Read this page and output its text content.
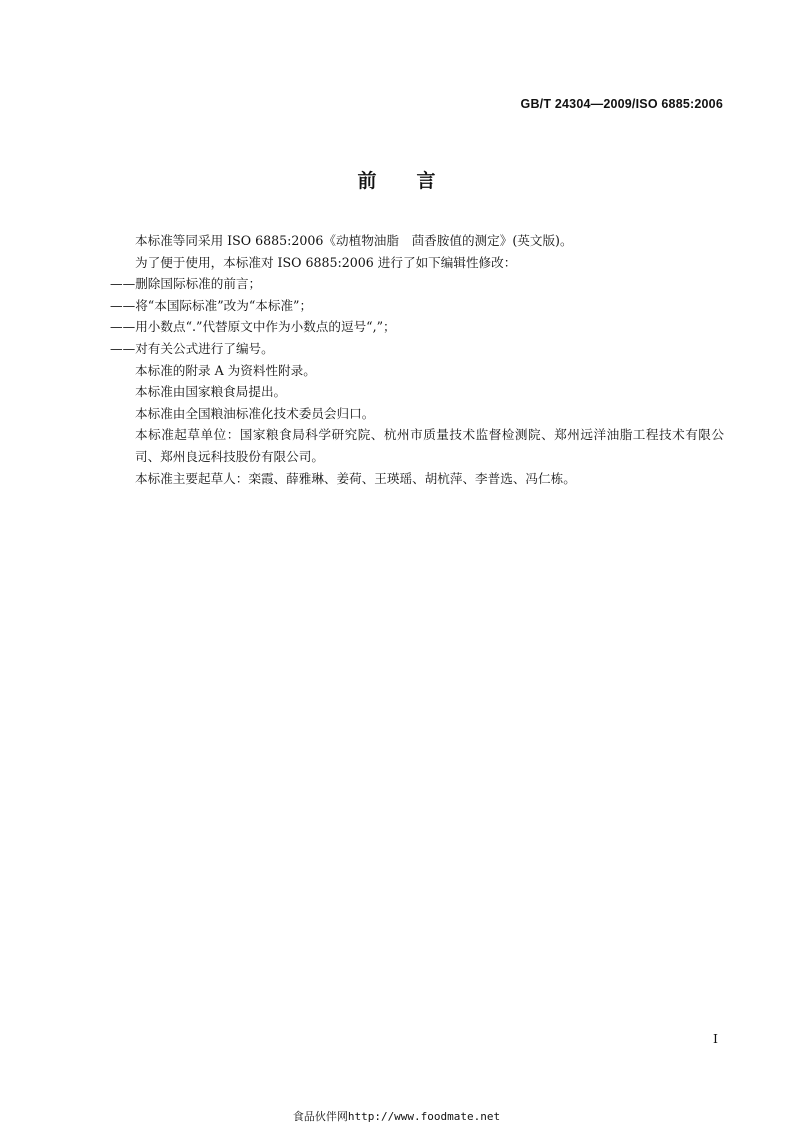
GB/T 24304—2009/ISO 6885:2006
前言

本标准等同采用 ISO 6885:2006《动植物油脂　茴香胺值的测定》(英文版)。

为了便于使用，本标准对 ISO 6885:2006 进行了如下编辑性修改：

——删除国际标准的前言；

——将“本国际标准”改为“本标准”；

——用小数点“.”代替原文中作为小数点的逗号“,”；

——对有关公式进行了编号。

本标准的附录 A 为资料性附录。

本标准由国家粮食局提出。

本标准由全国粮油标准化技术委员会归口。

本标准起草单位：国家粮食局科学研究院、杭州市质量技术监督检测院、郑州远洋油脂工程技术有限公司、郑州良远科技股份有限公司。

本标准主要起草人：栾霞、薛雅琳、姜荷、王瑛瑶、胡杭萍、李普选、冯仁栋。

I
食品伙伴网http://www.foodmate.net
